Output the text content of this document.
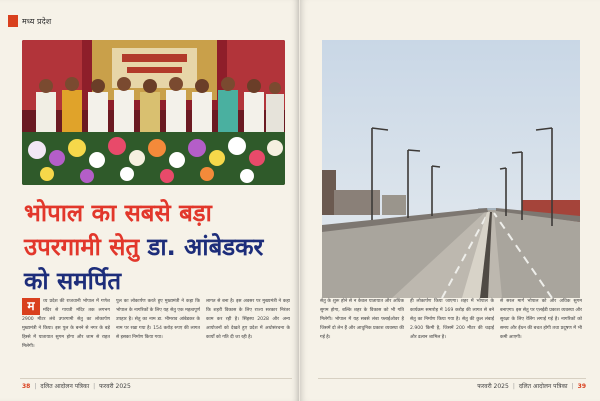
मध्य प्रदेश
भोपाल का सबसे बड़ा
उपरगामी सेतु डा. आंबेडकर
को समर्पित
म	ध्य प्रदेश की राजधानी भोपाल में गणेश मंदिर से गायत्री मंदिर तक लगभग 2900 मीटर लंबे उपरगामी सेतु का लोकार्पण मुख्यमंत्री ने किया। इस पुल के बनने से नगर के बड़े हिस्से में यातायात सुगम होगा और जाम से राहत मिलेगी।
पुल का लोकार्पण करते हुए मुख्यमंत्री ने कहा कि भोपाल के नागरिकों के लिए यह सेतु एक महत्वपूर्ण उपहार है। सेतु का नाम डा. भीमराव आंबेडकर के नाम पर रखा गया है। 154 करोड़ रुपए की लागत से इसका निर्माण किया गया।
लागत से बना है। इस अवसर पर मुख्यमंत्री ने कहा कि शहरी विकास के लिए राज्य सरकार निरंतर काम कर रही है। सिंहस्थ 2028 और अन्य आयोजनों को देखते हुए प्रदेश में अधोसंरचना के कार्यों को गति दी जा रही है।
38 | दलित आदोलन पत्रिका | फरवरी 2025
सेतु के शुरू होने से न केवल यातायात और अधिक सुगम होगा, बल्कि शहर के विकास को भी गति मिलेगी। भोपाल में यह सबसे लंबा फ्लाईओवर है जिसमें दो लेन हैं और आधुनिक प्रकाश व्यवस्था की गई है।
ही लोकार्पण किया जाएगा। शहर में भोपाल के कार्यक्रम समारोह में 169 करोड़ की लागत से बने सेतु का निर्माण किया गया है। सेतु की कुल लंबाई 2.900 किमी है, जिसमें 200 मीटर की चढ़ाई और ढलान शामिल है।
से सरल मार्ग भोपाल को और अधिक सुगम बनाएगा। इस सेतु पर एलईडी प्रकाश व्यवस्था और सुरक्षा के लिए रेलिंग लगाई गई है। नागरिकों को समय और ईंधन की बचत होगी तथा प्रदूषण में भी कमी आएगी।
फरवरी 2025 | दलित आदोलन पत्रिका | 39
